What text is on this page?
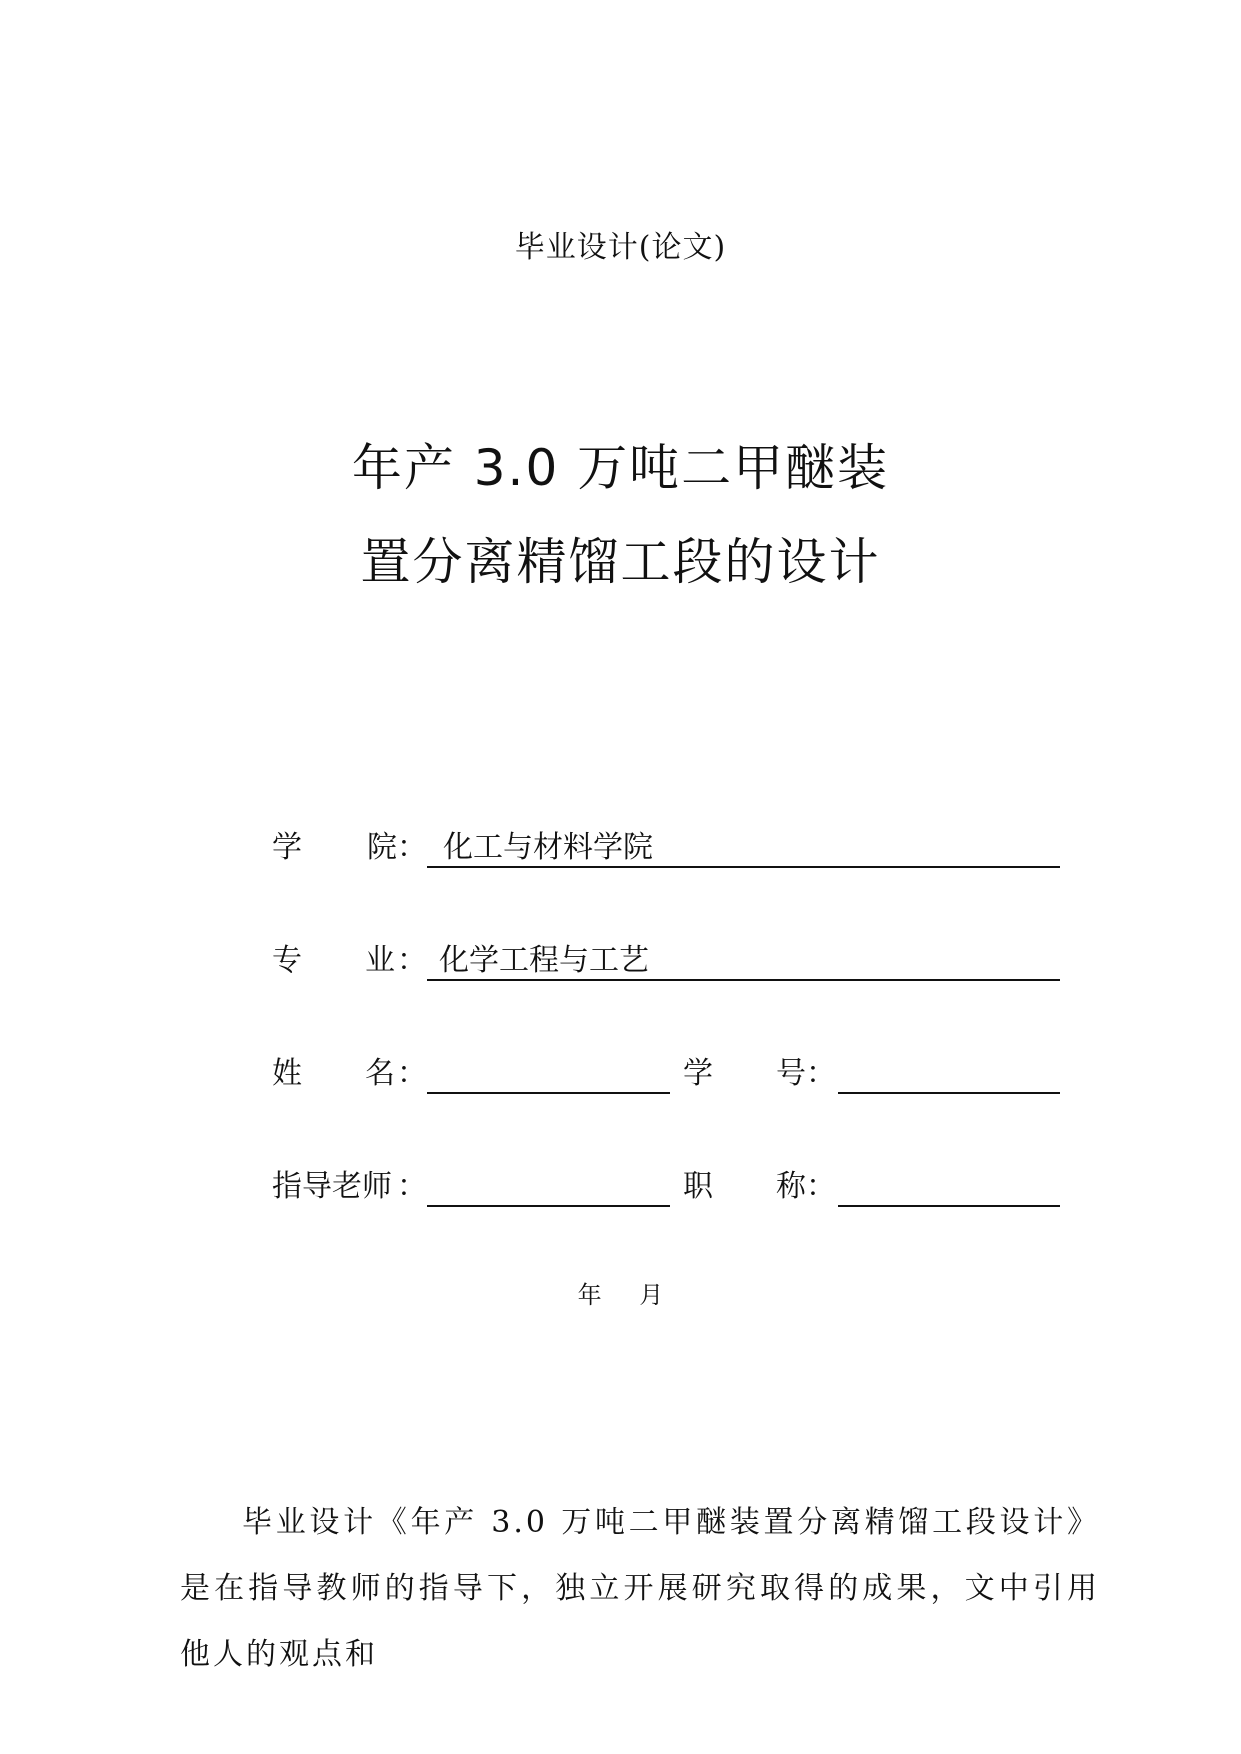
毕业设计(论文)
年产 3.0 万吨二甲醚装
置分离精馏工段的设计
学 院 ： 化工与材料学院
专 业 ： 化学工程与工艺
姓 名 ：	学 号 ：
指导老师 ：	职 称 ：
年 月
毕业设计《年产 3.0 万吨二甲醚装置分离精馏工段设计》是在指导教师的指导下，独立开展研究取得的成果，文中引用他人的观点和
